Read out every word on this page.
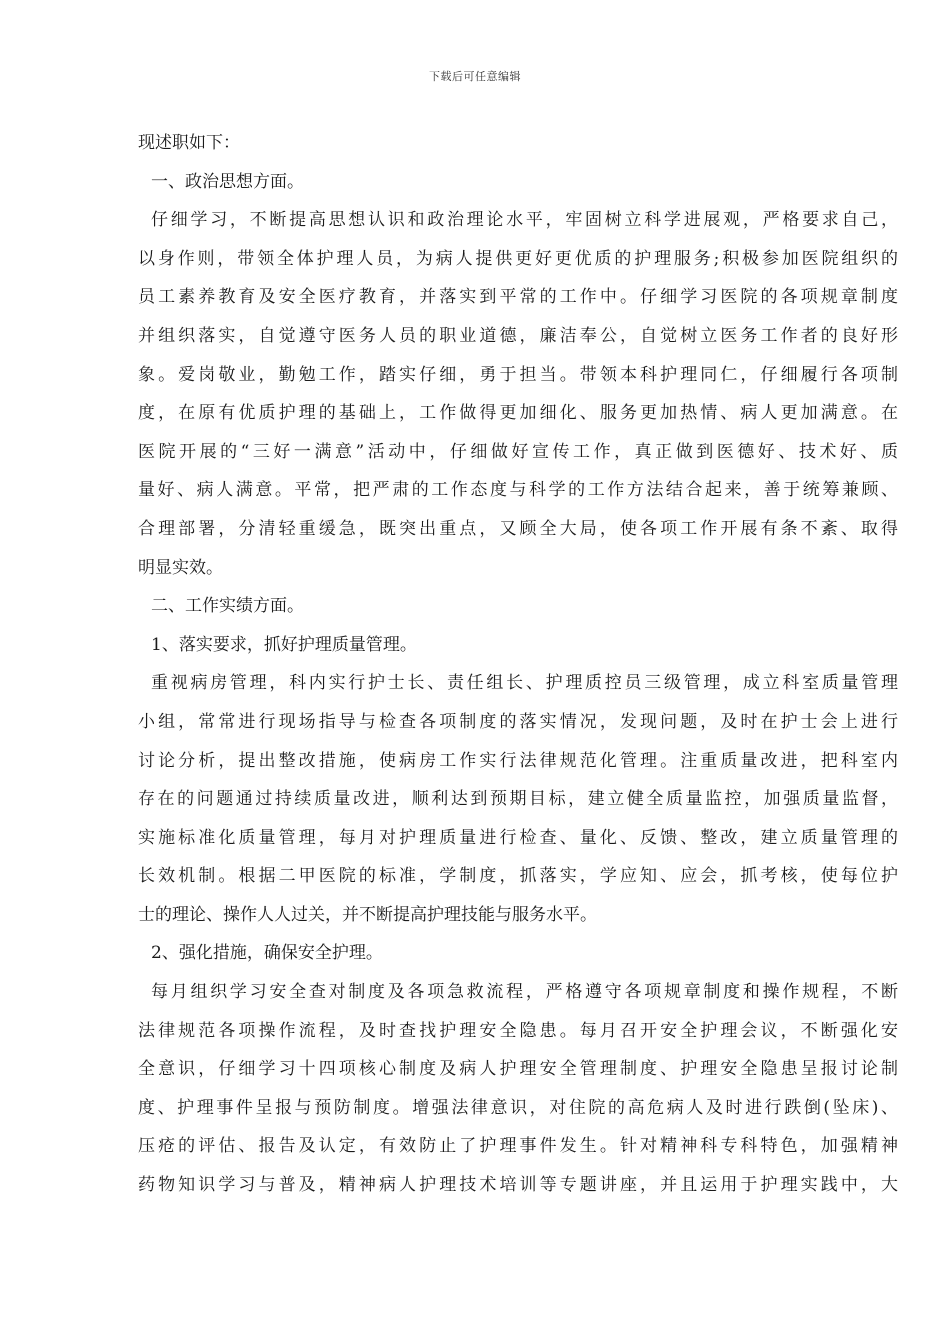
下载后可任意编辑
现述职如下：
一、政治思想方面。
仔细学习，不断提高思想认识和政治理论水平，牢固树立科学进展观，严格要求自己，
以身作则，带领全体护理人员，为病人提供更好更优质的护理服务;积极参加医院组织的
员工素养教育及安全医疗教育，并落实到平常的工作中。仔细学习医院的各项规章制度
并组织落实，自觉遵守医务人员的职业道德，廉洁奉公，自觉树立医务工作者的良好形
象。爱岗敬业，勤勉工作，踏实仔细，勇于担当。带领本科护理同仁，仔细履行各项制
度，在原有优质护理的基础上，工作做得更加细化、服务更加热情、病人更加满意。在
医院开展的“三好一满意”活动中，仔细做好宣传工作，真正做到医德好、技术好、质
量好、病人满意。平常，把严肃的工作态度与科学的工作方法结合起来，善于统筹兼顾、
合理部署，分清轻重缓急，既突出重点，又顾全大局，使各项工作开展有条不紊、取得
明显实效。
二、工作实绩方面。
1、落实要求，抓好护理质量管理。
重视病房管理，科内实行护士长、责任组长、护理质控员三级管理，成立科室质量管理
小组，常常进行现场指导与检查各项制度的落实情况，发现问题，及时在护士会上进行
讨论分析，提出整改措施，使病房工作实行法律规范化管理。注重质量改进，把科室内
存在的问题通过持续质量改进，顺利达到预期目标，建立健全质量监控，加强质量监督，
实施标准化质量管理，每月对护理质量进行检查、量化、反馈、整改，建立质量管理的
长效机制。根据二甲医院的标准，学制度，抓落实，学应知、应会，抓考核，使每位护
士的理论、操作人人过关，并不断提高护理技能与服务水平。
2、强化措施，确保安全护理。
每月组织学习安全查对制度及各项急救流程，严格遵守各项规章制度和操作规程，不断
法律规范各项操作流程，及时查找护理安全隐患。每月召开安全护理会议，不断强化安
全意识，仔细学习十四项核心制度及病人护理安全管理制度、护理安全隐患呈报讨论制
度、护理事件呈报与预防制度。增强法律意识，对住院的高危病人及时进行跌倒(坠床)、
压疮的评估、报告及认定，有效防止了护理事件发生。针对精神科专科特色，加强精神
药物知识学习与普及，精神病人护理技术培训等专题讲座，并且运用于护理实践中，大
